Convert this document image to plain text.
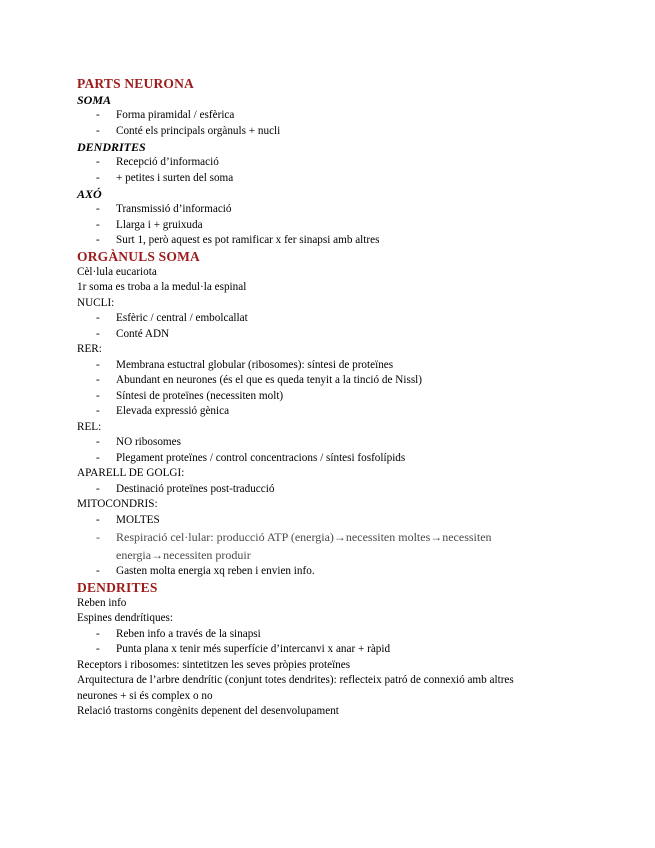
PARTS NEURONA
SOMA
- Forma piramidal / esfèrica
- Conté els principals orgànuls + nucli
DENDRITES
- Recepció d’informació
- + petites i surten del soma
AXÓ
- Transmissió d’informació
- Llarga i + gruixuda
- Surt 1, però aquest es pot ramificar x fer sinapsi amb altres
ORGÀNULS SOMA
Cèl·lula eucariota
1r soma es troba a la medul·la espinal
NUCLI:
- Esfèric / central / embolcallat
- Conté ADN
RER:
- Membrana estuctral globular (ribosomes): síntesi de proteïnes
- Abundant en neurones (és el que es queda tenyit a la tinció de Nissl)
- Síntesi de proteïnes (necessiten molt)
- Elevada expressió gènica
REL:
- NO ribosomes
- Plegament proteïnes / control concentracions / síntesi fosfolípids
APARELL DE GOLGI:
- Destinació proteïnes post-traducció
MITOCONDRIS:
- MOLTES
- Respiració cel·lular: producció ATP (energia)→necessiten moltes→necessiten
energia→necessiten produir
- Gasten molta energia xq reben i envien info.
DENDRITES
Reben info
Espines dendrítiques:
- Reben info a través de la sinapsi
- Punta plana x tenir més superfície d’intercanvi x anar + ràpid
Receptors i ribosomes: sintetitzen les seves pròpies proteïnes
Arquitectura de l’arbre dendrític (conjunt totes dendrites): reflecteix patró de connexió amb altres neurones + si és complex o no
Relació trastorns congènits depenent del desenvolupament
